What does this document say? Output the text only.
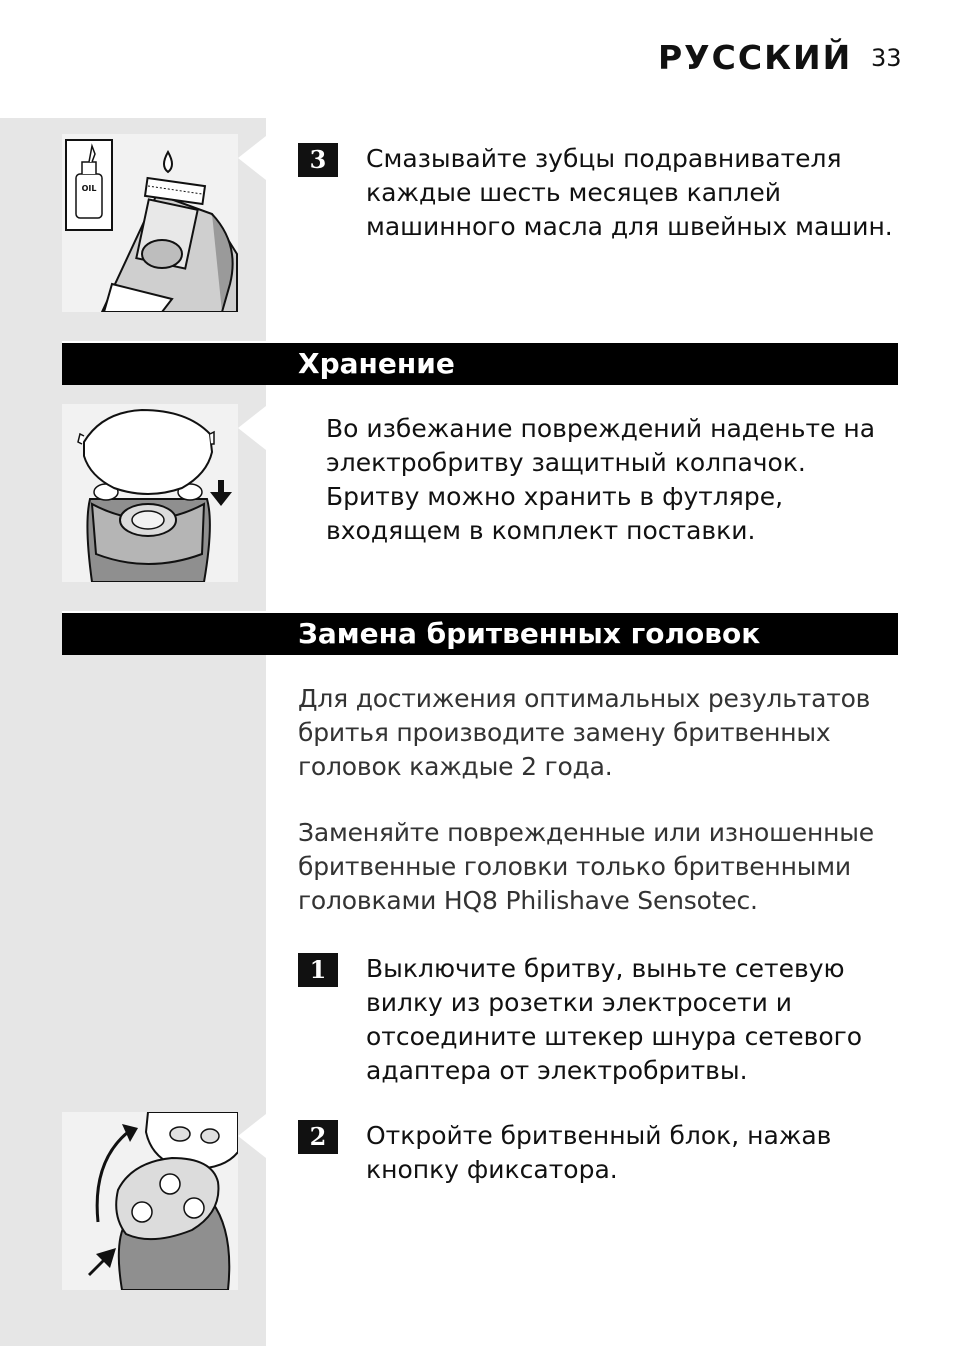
РУССКИЙ 33
OIL
3	Смазывайте зубцы подравнивателя каждые шесть месяцев каплей машинного масла для швейных машин.

Хранение

Во избежание повреждений наденьте на электробритву защитный колпачок. Бритву можно хранить в футляре, входящем в комплект поставки.

Замена бритвенных головок

Для достижения оптимальных результатов бритья производите замену бритвенных головок каждые 2 года.

Заменяйте поврежденные или изношенные бритвенные головки только бритвенными головками HQ8 Philishave Sensotec.

1	Выключите бритву, выньте сетевую вилку из розетки электросети и отсоедините штекер шнура сетевого адаптера от электробритвы.

2	Откройте бритвенный блок, нажав кнопку фиксатора.
